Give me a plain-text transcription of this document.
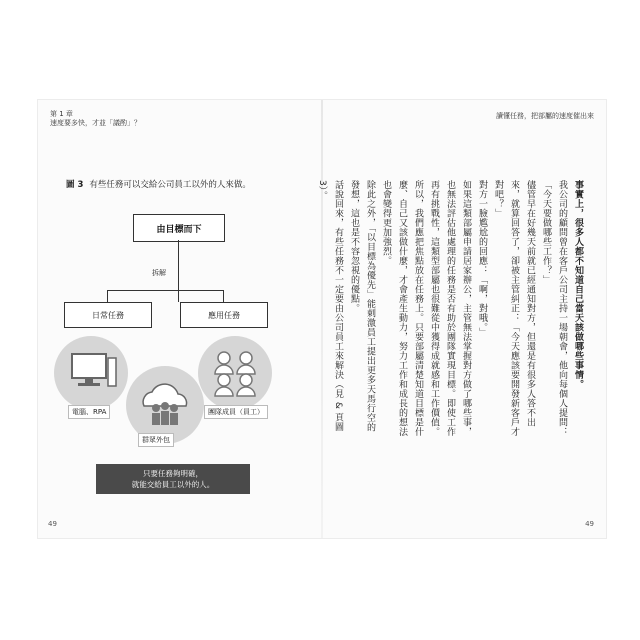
第 1 章
速度要多快，才並「議酌」？
讀懂任務，把部屬的速度催出來
圖 3 有些任務可以交給公司員工以外的人來做。
由目標而下
拆解
日常任務	應用任務
電腦、RPA
群眾外包
團隊成員（員工）
只要任務夠明確，
就能交給員工以外的人。

事實上，很多人都不知道自己當天該做哪些事情。

我公司的顧問曾在客戶公司主持一場朝會，他向每個人提問：「今天要做哪些工作？」

儘管早在好幾天前就已經通知對方，但還是有很多人答不出來，就算回答了，卻被主管糾正：「今天應該要開發新客戶才對吧？」

對方一臉尷尬的回應：「啊，對哦。」

如果這類部屬申請居家辦公，主管無法掌握對方做了哪些事，也無法評估他處理的任務是否有助於團隊實現目標。即使工作再有挑戰性，這類型部屬也很難從中獲得成就感和工作價值。

所以，我們應把焦點放在任務上。只要部屬清楚知道目標是什麼、自己又該做什麼，才會產生動力，努力工作和成長的想法也會變得更加強烈。

除此之外，「以目標為優先」能刺激員工提出更多天馬行空的發想，這也是不容忽視的優點。

話說回來，有些任務不一定要由公司員工來解決（見 & 頁圖 3）。

49	49
